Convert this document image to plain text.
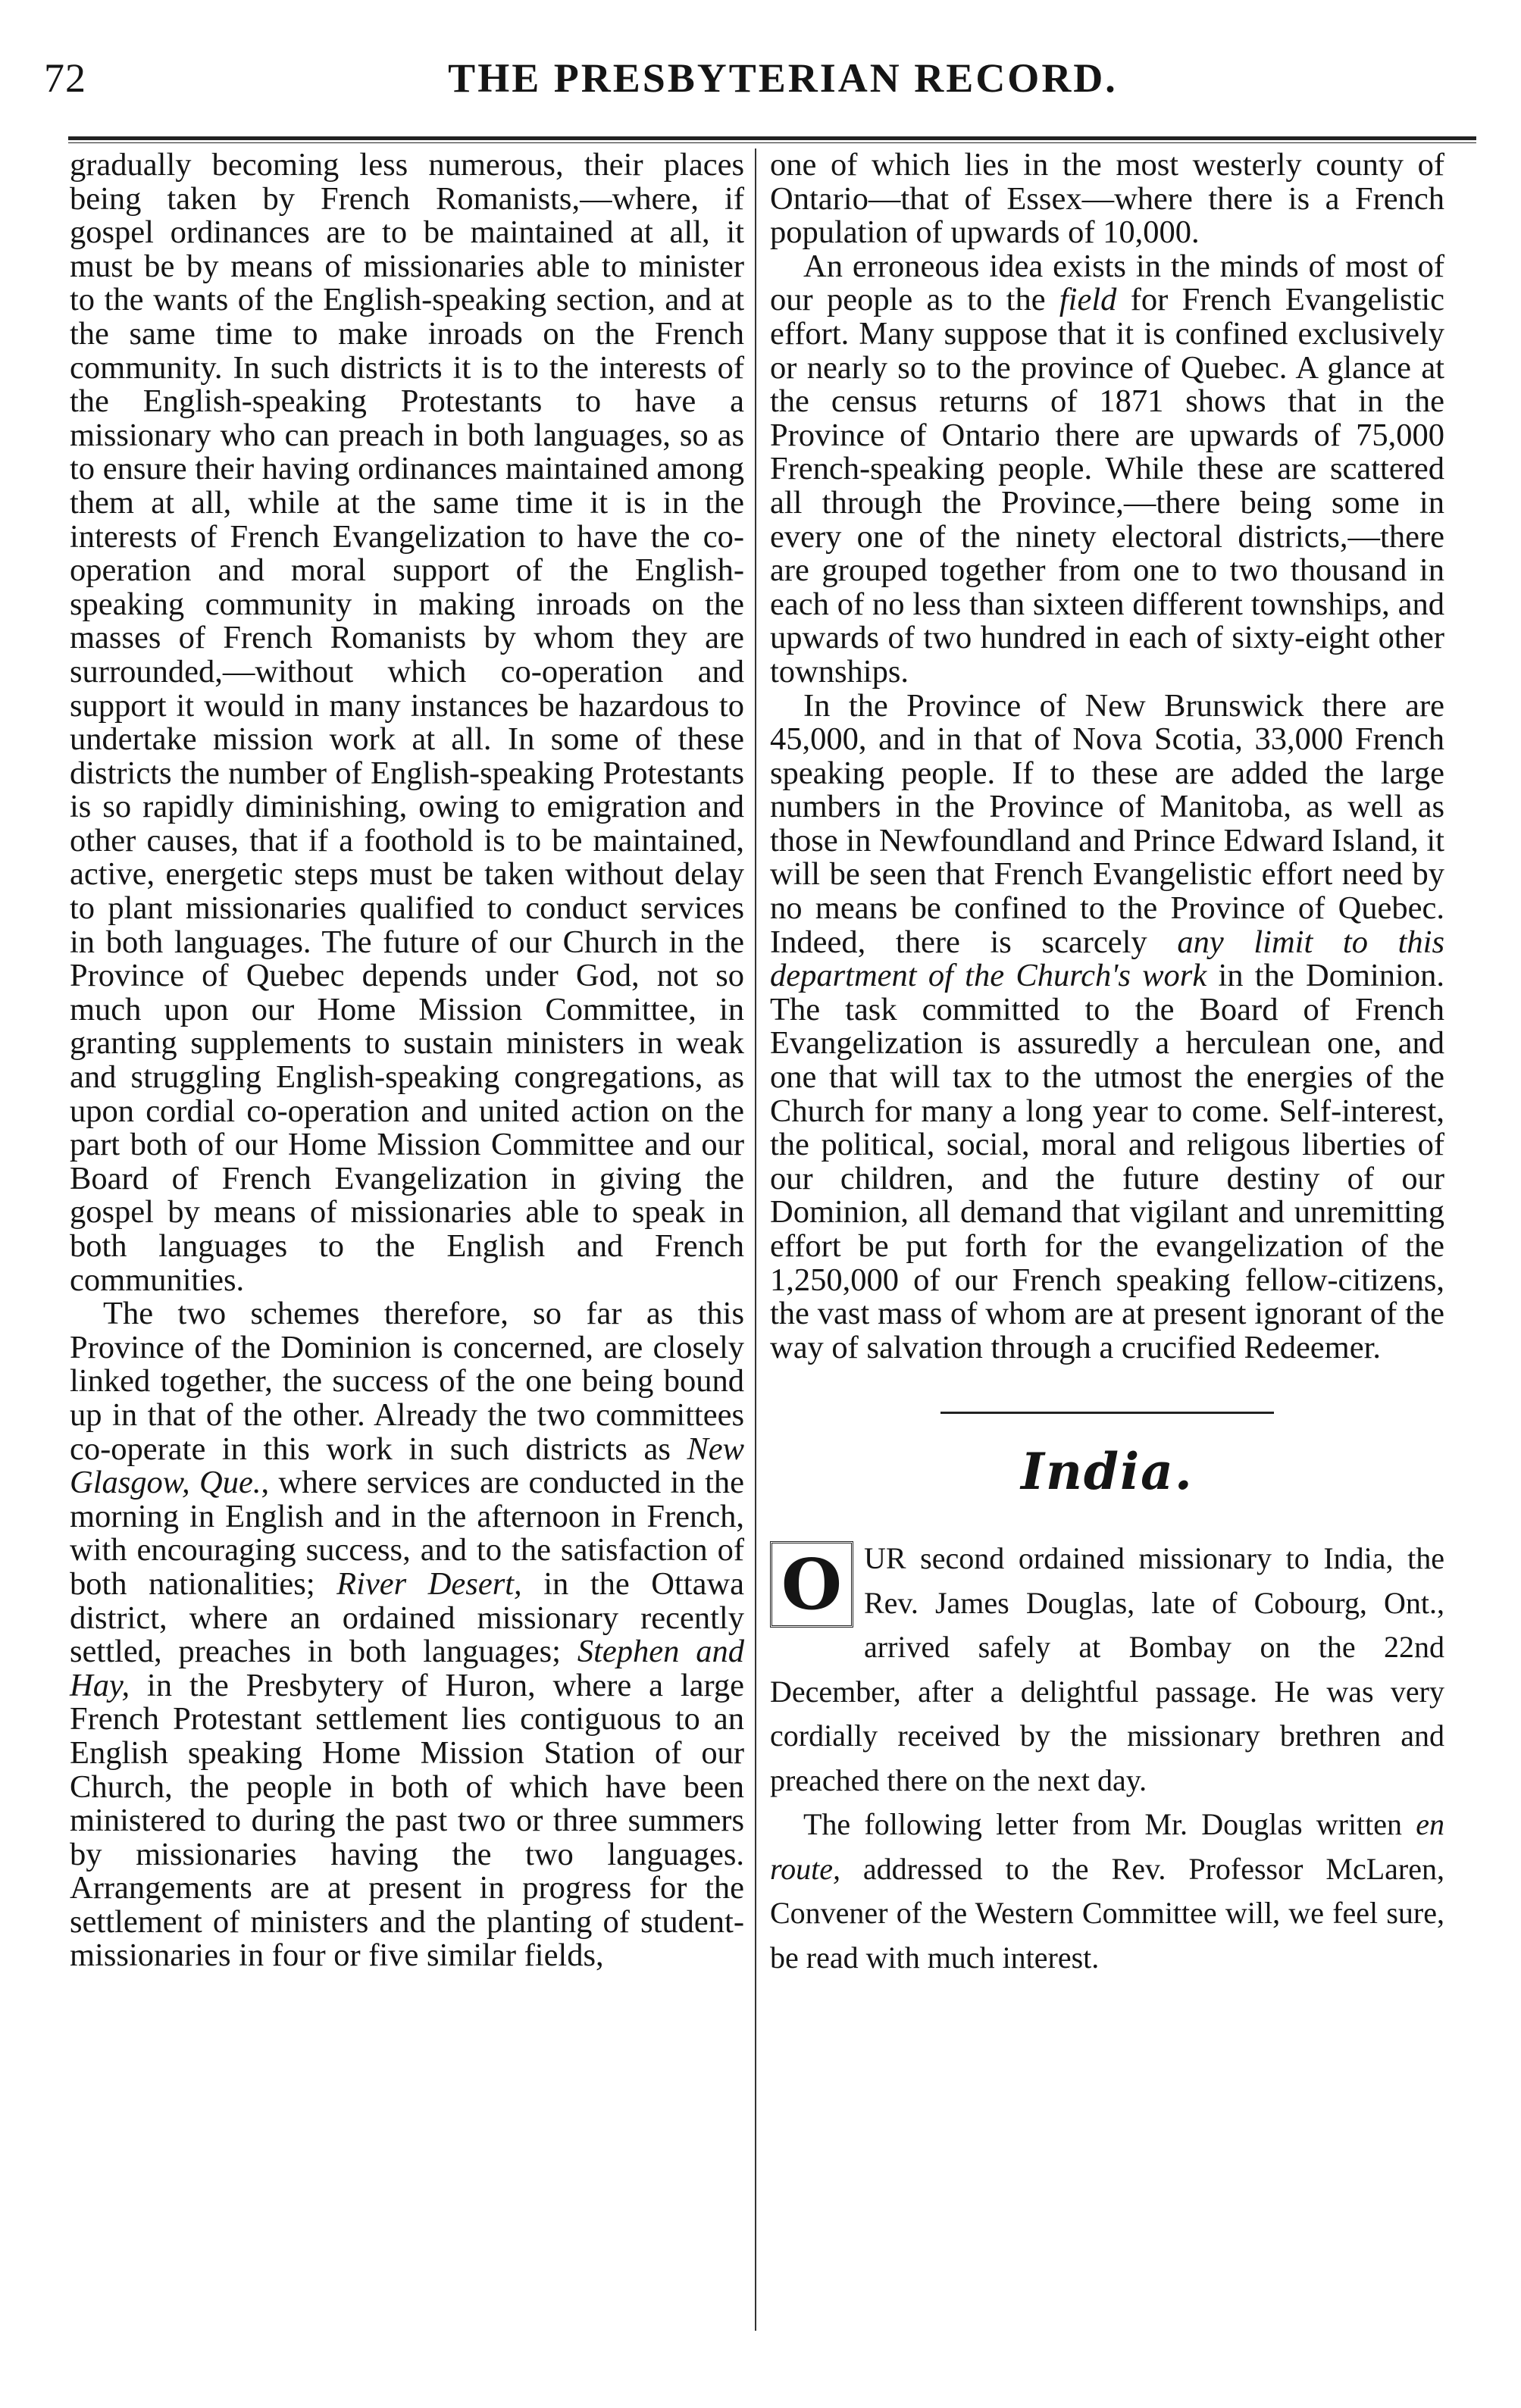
72	THE PRESBYTERIAN RECORD.

gradually becoming less numerous, their places being taken by French Romanists,—where, if gospel ordinances are to be maintained at all, it must be by means of missionaries able to minister to the wants of the English-speaking section, and at the same time to make inroads on the French community. In such districts it is to the interests of the English-speaking Protestants to have a missionary who can preach in both languages, so as to ensure their having ordinances maintained among them at all, while at the same time it is in the interests of French Evangelization to have the co-operation and moral support of the English-speaking community in making inroads on the masses of French Romanists by whom they are surrounded,—without which co-operation and support it would in many instances be hazardous to undertake mission work at all. In some of these districts the number of English-speaking Protestants is so rapidly diminishing, owing to emigration and other causes, that if a foothold is to be maintained, active, energetic steps must be taken without delay to plant missionaries qualified to conduct services in both languages. The future of our Church in the Province of Quebec depends under God, not so much upon our Home Mission Committee, in granting supplements to sustain ministers in weak and struggling English-speaking congregations, as upon cordial co-operation and united action on the part both of our Home Mission Committee and our Board of French Evangelization in giving the gospel by means of missionaries able to speak in both languages to the English and French communities.

The two schemes therefore, so far as this Province of the Dominion is concerned, are closely linked together, the success of the one being bound up in that of the other. Already the two committees co-operate in this work in such districts as New Glasgow, Que., where services are conducted in the morning in English and in the afternoon in French, with encouraging success, and to the satisfaction of both nationalities; River Desert, in the Ottawa district, where an ordained missionary recently settled, preaches in both languages; Stephen and Hay, in the Presbytery of Huron, where a large French Protestant settlement lies contiguous to an English speaking Home Mission Station of our Church, the people in both of which have been ministered to during the past two or three summers by missionaries having the two languages. Arrangements are at present in progress for the settlement of ministers and the planting of student-missionaries in four or five similar fields,

one of which lies in the most westerly county of Ontario—that of Essex—where there is a French population of upwards of 10,000.

An erroneous idea exists in the minds of most of our people as to the field for French Evangelistic effort. Many suppose that it is confined exclusively or nearly so to the province of Quebec. A glance at the census returns of 1871 shows that in the Province of Ontario there are upwards of 75,000 French-speaking people. While these are scattered all through the Province,—there being some in every one of the ninety electoral districts,—there are grouped together from one to two thousand in each of no less than sixteen different townships, and upwards of two hundred in each of sixty-eight other townships.

In the Province of New Brunswick there are 45,000, and in that of Nova Scotia, 33,000 French speaking people. If to these are added the large numbers in the Province of Manitoba, as well as those in Newfoundland and Prince Edward Island, it will be seen that French Evangelistic effort need by no means be confined to the Province of Quebec. Indeed, there is scarcely any limit to this department of the Church's work in the Dominion. The task committed to the Board of French Evangelization is assuredly a herculean one, and one that will tax to the utmost the energies of the Church for many a long year to come. Self-interest, the political, social, moral and religous liberties of our children, and the future destiny of our Dominion, all demand that vigilant and unremitting effort be put forth for the evangelization of the 1,250,000 of our French speaking fellow-citizens, the vast mass of whom are at present ignorant of the way of salvation through a crucified Redeemer.

India.

O UR second ordained missionary to India, the Rev. James Douglas, late of Cobourg, Ont., arrived safely at Bombay on the 22nd December, after a delightful passage. He was very cordially received by the missionary brethren and preached there on the next day.

The following letter from Mr. Douglas written en route, addressed to the Rev. Professor McLaren, Convener of the Western Committee will, we feel sure, be read with much interest.
